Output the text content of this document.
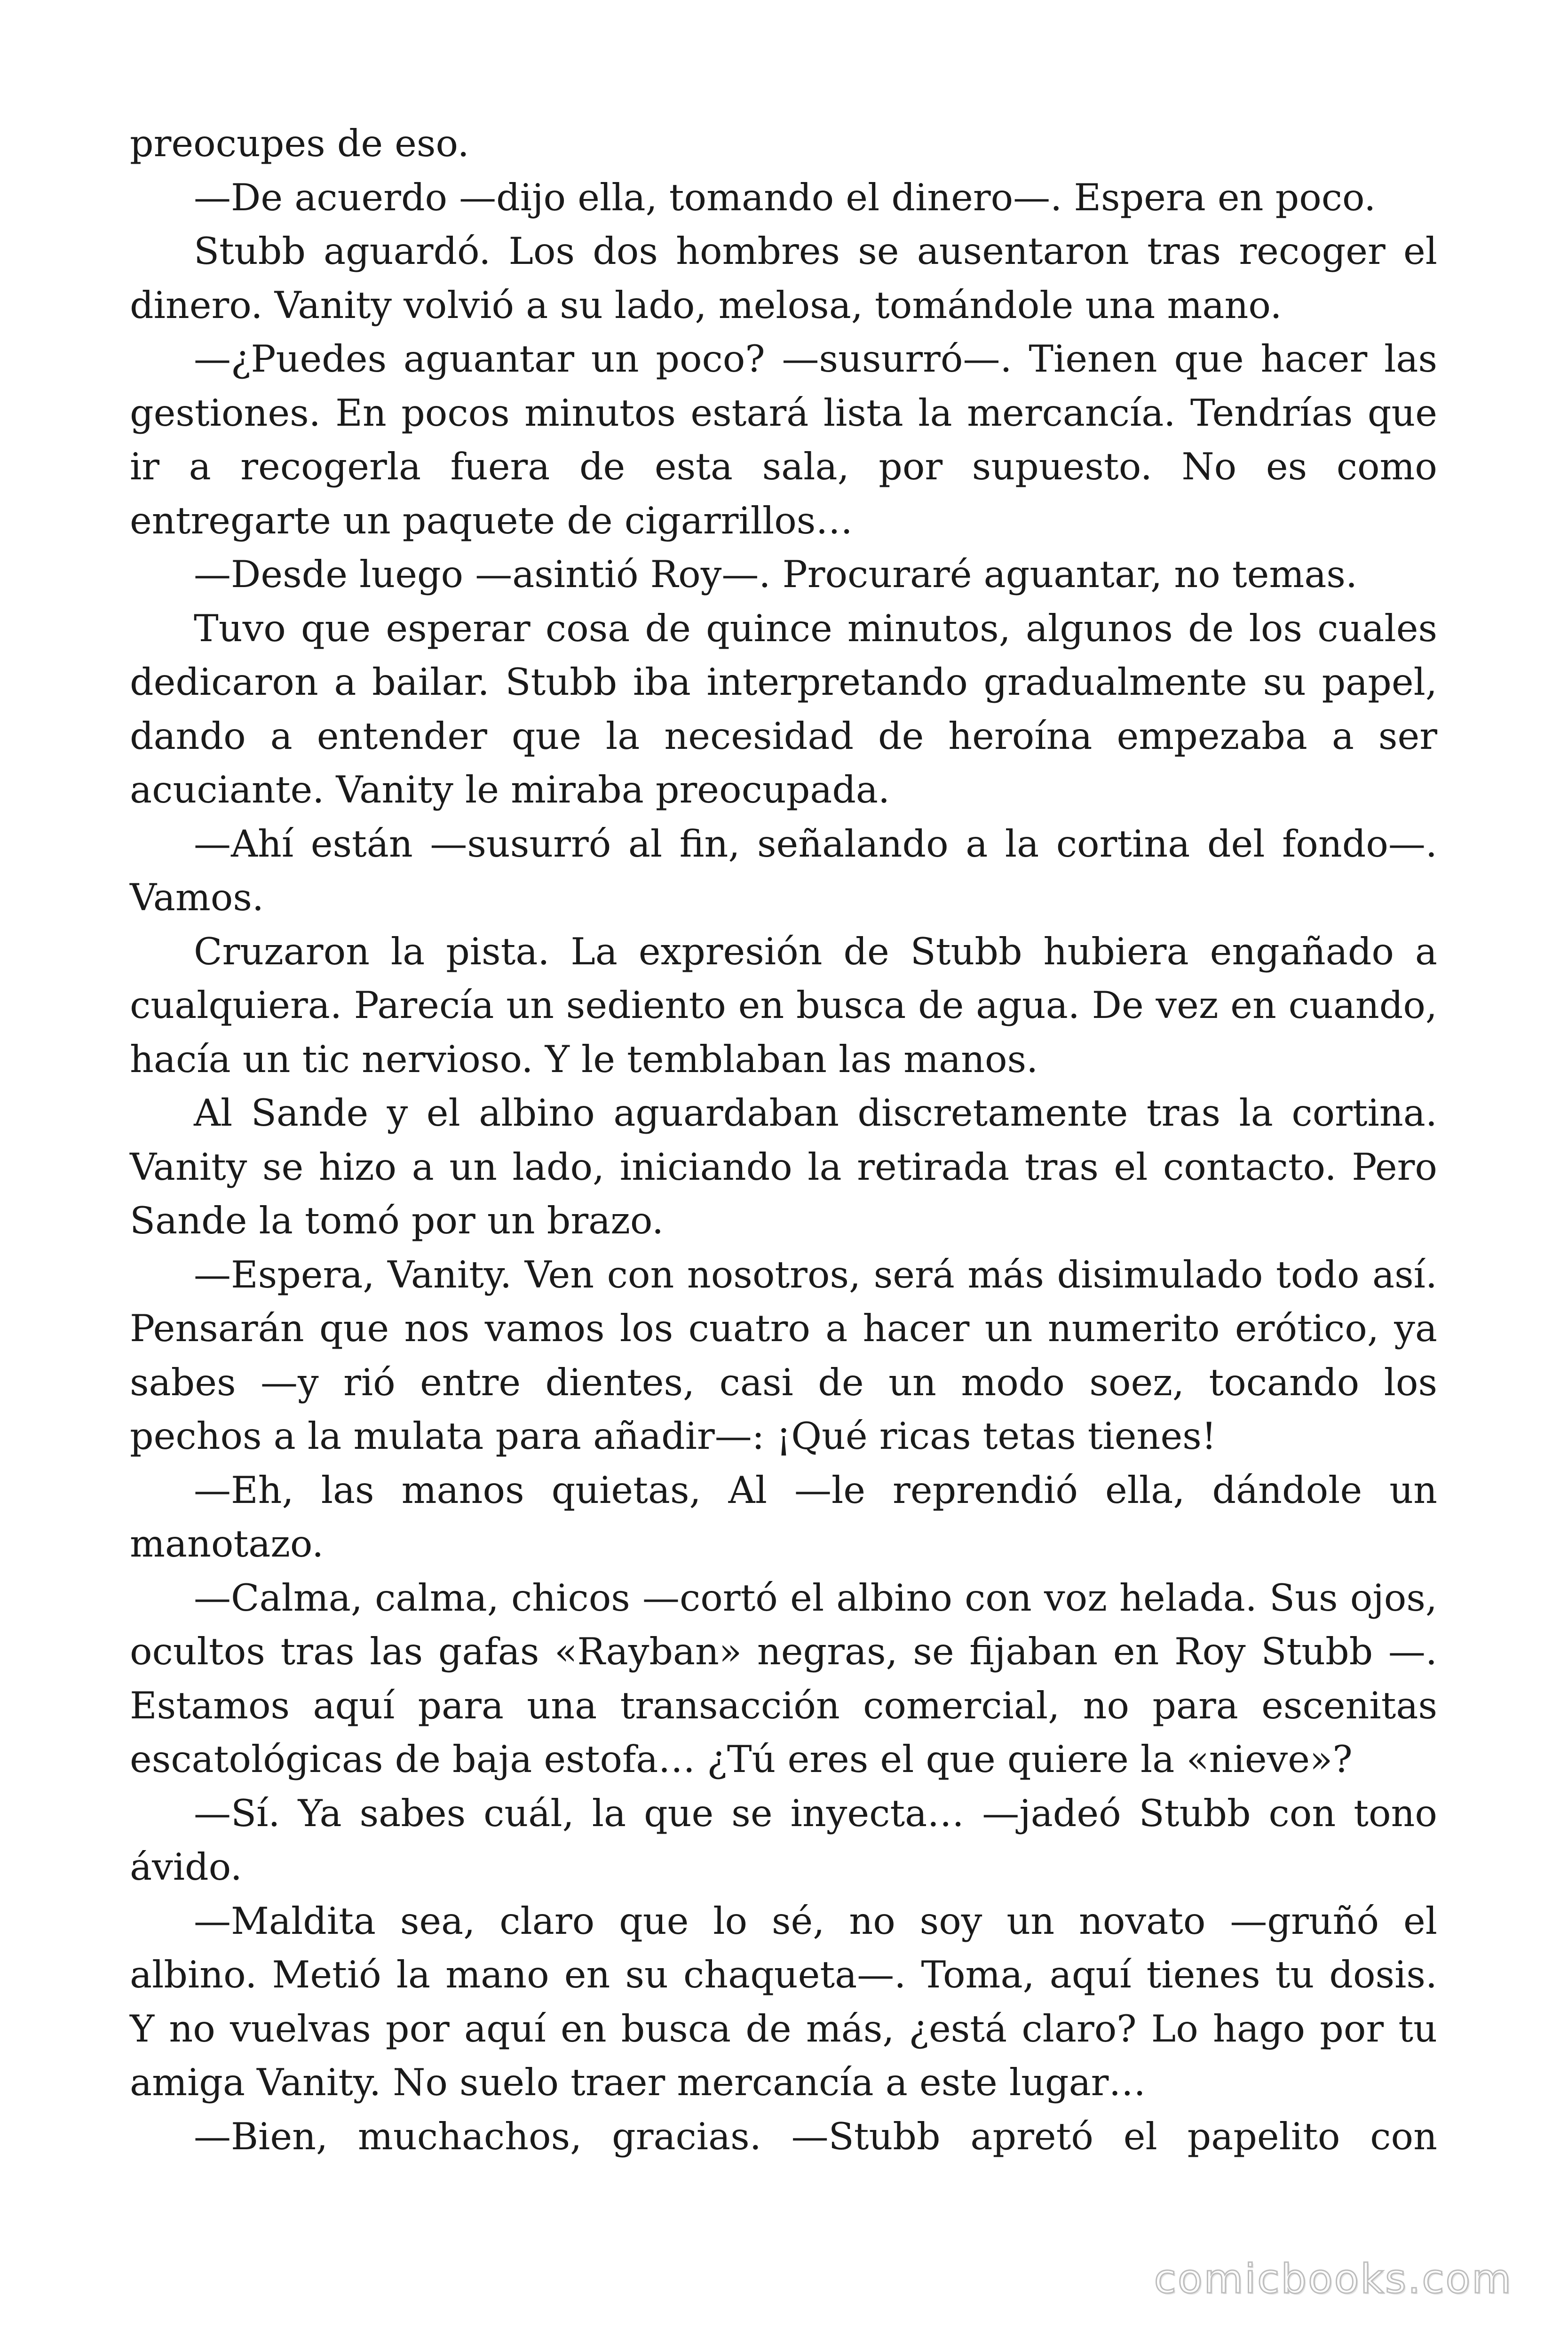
preocupes de eso.

—De acuerdo —dijo ella, tomando el dinero—. Espera en poco.

Stubb aguardó. Los dos hombres se ausentaron tras recoger el dinero. Vanity volvió a su lado, melosa, tomándole una mano.

—¿Puedes aguantar un poco? —susurró—. Tienen que hacer las gestiones. En pocos minutos estará lista la mercancía. Tendrías que ir a recogerla fuera de esta sala, por supuesto. No es como entregarte un paquete de cigarrillos…

—Desde luego —asintió Roy—. Procuraré aguantar, no temas.

Tuvo que esperar cosa de quince minutos, algunos de los cuales dedicaron a bailar. Stubb iba interpretando gradualmente su papel, dando a entender que la necesidad de heroína empezaba a ser acuciante. Vanity le miraba preocupada.

—Ahí están —susurró al fin, señalando a la cortina del fondo—. Vamos.

Cruzaron la pista. La expresión de Stubb hubiera engañado a cualquiera. Parecía un sediento en busca de agua. De vez en cuando, hacía un tic nervioso. Y le temblaban las manos.

Al Sande y el albino aguardaban discretamente tras la cortina. Vanity se hizo a un lado, iniciando la retirada tras el contacto. Pero Sande la tomó por un brazo.

—Espera, Vanity. Ven con nosotros, será más disimulado todo así. Pensarán que nos vamos los cuatro a hacer un numerito erótico, ya sabes —y rió entre dientes, casi de un modo soez, tocando los pechos a la mulata para añadir—: ¡Qué ricas tetas tienes!

—Eh, las manos quietas, Al —le reprendió ella, dándole un manotazo.

—Calma, calma, chicos —cortó el albino con voz helada. Sus ojos, ocultos tras las gafas «Rayban» negras, se fijaban en Roy Stubb —. Estamos aquí para una transacción comercial, no para escenitas escatológicas de baja estofa… ¿Tú eres el que quiere la «nieve»?

—Sí. Ya sabes cuál, la que se inyecta… —jadeó Stubb con tono ávido.

—Maldita sea, claro que lo sé, no soy un novato —gruñó el albino. Metió la mano en su chaqueta—. Toma, aquí tienes tu dosis. Y no vuelvas por aquí en busca de más, ¿está claro? Lo hago por tu amiga Vanity. No suelo traer mercancía a este lugar…

—Bien, muchachos, gracias. —Stubb apretó el papelito con

comicbooks.com
